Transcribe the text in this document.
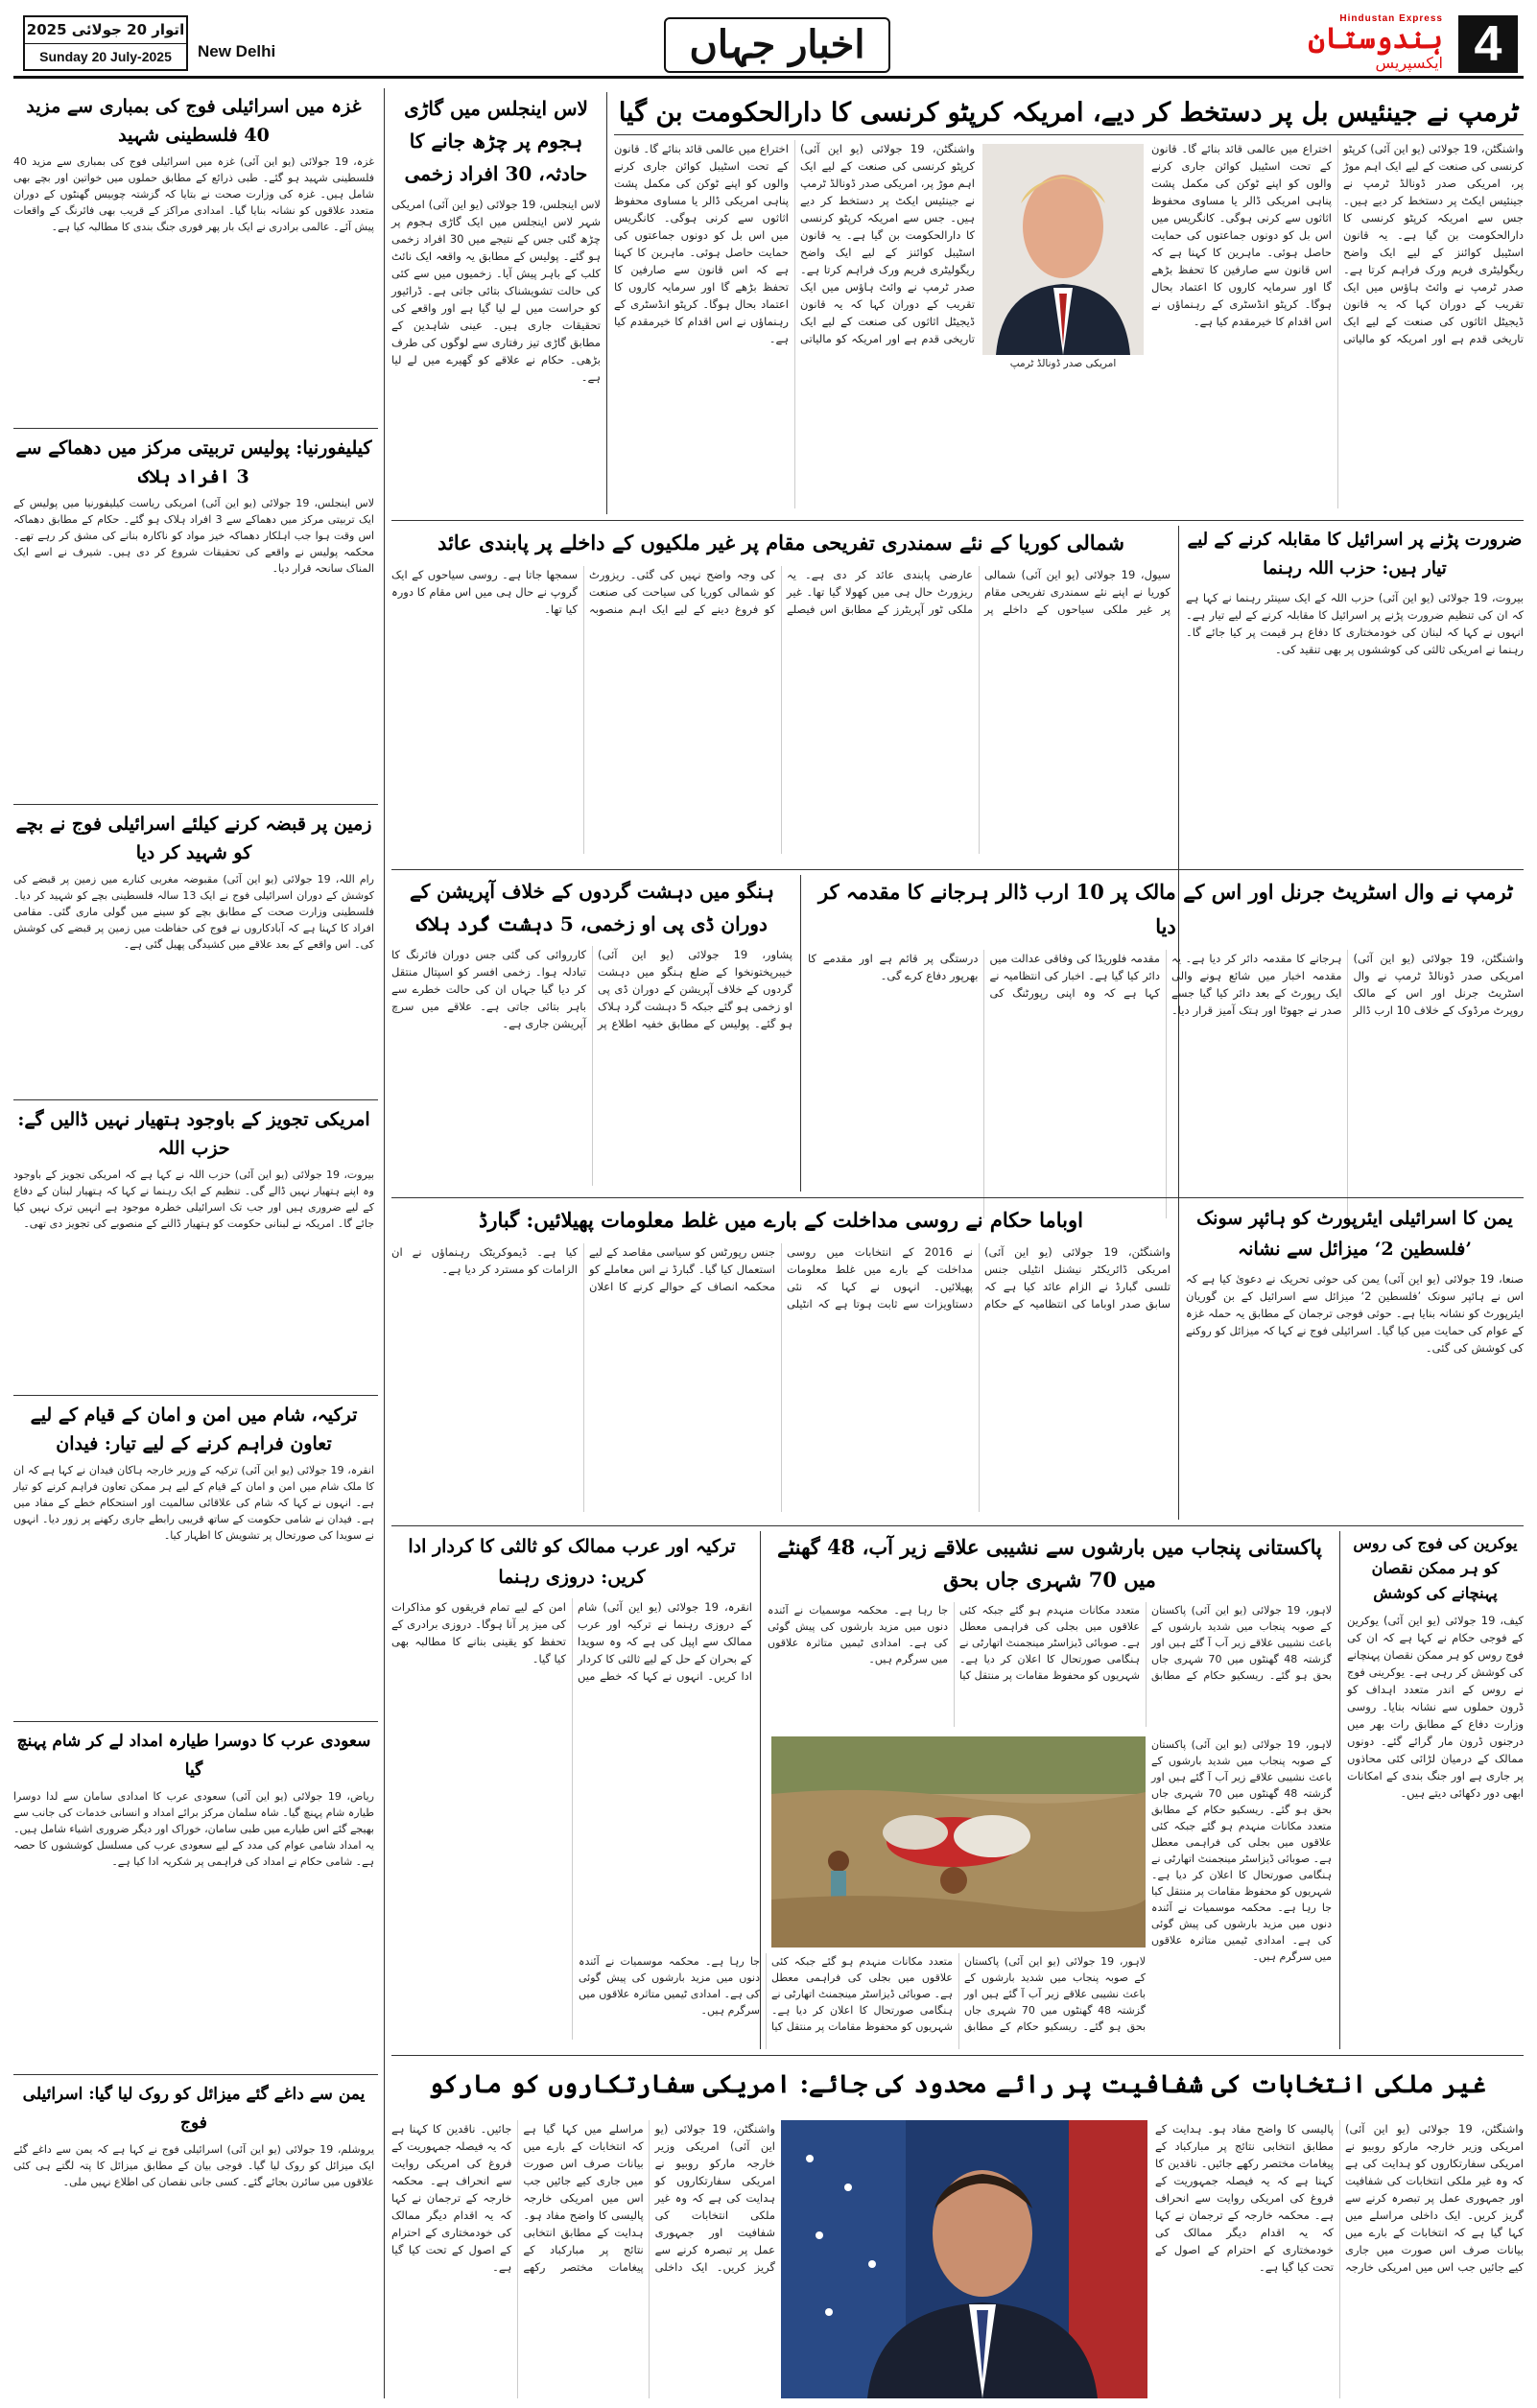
اتوار 20 جولائی 2025
Sunday 20 July-2025	New Delhi	اخبار جہاں
Hindustan Express
ہندوستان
ایکسپریس 4
غزہ میں اسرائیلی فوج کی بمباری سے مزید 40 فلسطینی شہید

غزہ، 19 جولائی (یو این آئی) غزہ میں اسرائیلی فوج کی بمباری سے مزید 40 فلسطینی شہید ہو گئے۔ طبی ذرائع کے مطابق حملوں میں خواتین اور بچے بھی شامل ہیں۔ غزہ کی وزارت صحت نے بتایا کہ گزشتہ چوبیس گھنٹوں کے دوران متعدد علاقوں کو نشانہ بنایا گیا۔ امدادی مراکز کے قریب بھی فائرنگ کے واقعات پیش آئے۔ عالمی برادری نے ایک بار پھر فوری جنگ بندی کا مطالبہ کیا ہے۔

کیلیفورنیا: پولیس تربیتی مرکز میں دھماکے سے 3 افراد ہلاک

لاس اینجلس، 19 جولائی (یو این آئی) امریکی ریاست کیلیفورنیا میں پولیس کے ایک تربیتی مرکز میں دھماکے سے 3 افراد ہلاک ہو گئے۔ حکام کے مطابق دھماکہ اس وقت ہوا جب اہلکار دھماکہ خیز مواد کو ناکارہ بنانے کی مشق کر رہے تھے۔ محکمہ پولیس نے واقعے کی تحقیقات شروع کر دی ہیں۔ شیرف نے اسے ایک المناک سانحہ قرار دیا۔

زمین پر قبضہ کرنے کیلئے اسرائیلی فوج نے بچے کو شہید کر دیا

رام اللہ، 19 جولائی (یو این آئی) مقبوضہ مغربی کنارے میں زمین پر قبضے کی کوشش کے دوران اسرائیلی فوج نے ایک 13 سالہ فلسطینی بچے کو شہید کر دیا۔ فلسطینی وزارت صحت کے مطابق بچے کو سینے میں گولی ماری گئی۔ مقامی افراد کا کہنا ہے کہ آبادکاروں نے فوج کی حفاظت میں زمین پر قبضے کی کوشش کی۔ اس واقعے کے بعد علاقے میں کشیدگی پھیل گئی ہے۔

امریکی تجویز کے باوجود ہتھیار نہیں ڈالیں گے: حزب اللہ

بیروت، 19 جولائی (یو این آئی) حزب اللہ نے کہا ہے کہ امریکی تجویز کے باوجود وہ اپنے ہتھیار نہیں ڈالے گی۔ تنظیم کے ایک رہنما نے کہا کہ ہتھیار لبنان کے دفاع کے لیے ضروری ہیں اور جب تک اسرائیلی خطرہ موجود ہے انہیں ترک نہیں کیا جائے گا۔ امریکہ نے لبنانی حکومت کو ہتھیار ڈالنے کے منصوبے کی تجویز دی تھی۔

ترکیہ، شام میں امن و امان کے قیام کے لیے تعاون فراہم کرنے کے لیے تیار: فیدان

انقرہ، 19 جولائی (یو این آئی) ترکیہ کے وزیر خارجہ ہاکان فیدان نے کہا ہے کہ ان کا ملک شام میں امن و امان کے قیام کے لیے ہر ممکن تعاون فراہم کرنے کو تیار ہے۔ انہوں نے کہا کہ شام کی علاقائی سالمیت اور استحکام خطے کے مفاد میں ہے۔ فیدان نے شامی حکومت کے ساتھ قریبی رابطے جاری رکھنے پر زور دیا۔ انہوں نے سویدا کی صورتحال پر تشویش کا اظہار کیا۔

سعودی عرب کا دوسرا طیارہ امداد لے کر شام پہنچ گیا

ریاض، 19 جولائی (یو این آئی) سعودی عرب کا امدادی سامان سے لدا دوسرا طیارہ شام پہنچ گیا۔ شاہ سلمان مرکز برائے امداد و انسانی خدمات کی جانب سے بھیجے گئے اس طیارے میں طبی سامان، خوراک اور دیگر ضروری اشیاء شامل ہیں۔ یہ امداد شامی عوام کی مدد کے لیے سعودی عرب کی مسلسل کوششوں کا حصہ ہے۔ شامی حکام نے امداد کی فراہمی پر شکریہ ادا کیا ہے۔

یمن سے داغے گئے میزائل کو روک لیا گیا: اسرائیلی فوج

یروشلم، 19 جولائی (یو این آئی) اسرائیلی فوج نے کہا ہے کہ یمن سے داغے گئے ایک میزائل کو روک لیا گیا۔ فوجی بیان کے مطابق میزائل کا پتہ لگتے ہی کئی علاقوں میں سائرن بجائے گئے۔ کسی جانی نقصان کی اطلاع نہیں ملی۔

لاس اینجلس میں گاڑی ہجوم پر چڑھ جانے کا حادثہ، 30 افراد زخمی

لاس اینجلس، 19 جولائی (یو این آئی) امریکی شہر لاس اینجلس میں ایک گاڑی ہجوم پر چڑھ گئی جس کے نتیجے میں 30 افراد زخمی ہو گئے۔ پولیس کے مطابق یہ واقعہ ایک نائٹ کلب کے باہر پیش آیا۔ زخمیوں میں سے کئی کی حالت تشویشناک بتائی جاتی ہے۔ ڈرائیور کو حراست میں لے لیا گیا ہے اور واقعے کی تحقیقات جاری ہیں۔ عینی شاہدین کے مطابق گاڑی تیز رفتاری سے لوگوں کی طرف بڑھی۔ حکام نے علاقے کو گھیرے میں لے لیا ہے۔

ٹرمپ نے جینئیس بل پر دستخط کر دیے، امریکہ کرپٹو کرنسی کا دارالحکومت بن گیا
واشنگٹن، 19 جولائی (یو این آئی) کرپٹو کرنسی کی صنعت کے لیے ایک اہم موڑ پر، امریکی صدر ڈونالڈ ٹرمپ نے جینئیس ایکٹ پر دستخط کر دیے ہیں۔ جس سے امریکہ کرپٹو کرنسی کا دارالحکومت بن گیا ہے۔ یہ قانون اسٹیبل کوائنز کے لیے ایک واضح ریگولیٹری فریم ورک فراہم کرتا ہے۔ صدر ٹرمپ نے وائٹ ہاؤس میں ایک تقریب کے دوران کہا کہ یہ قانون ڈیجیٹل اثاثوں کی صنعت کے لیے ایک تاریخی قدم ہے اور امریکہ کو مالیاتی اختراع میں عالمی قائد بنائے گا۔ قانون کے تحت اسٹیبل کوائن جاری کرنے والوں کو اپنے ٹوکن کی مکمل پشت پناہی امریکی ڈالر یا مساوی محفوظ اثاثوں سے کرنی ہوگی۔ کانگریس میں اس بل کو دونوں جماعتوں کی حمایت حاصل ہوئی۔ ماہرین کا کہنا ہے کہ اس قانون سے صارفین کا تحفظ بڑھے گا اور سرمایہ کاروں کا اعتماد بحال ہوگا۔ کرپٹو انڈسٹری کے رہنماؤں نے اس اقدام کا خیرمقدم کیا ہے۔
امریکی صدر ڈونالڈ ٹرمپ
واشنگٹن، 19 جولائی (یو این آئی) کرپٹو کرنسی کی صنعت کے لیے ایک اہم موڑ پر، امریکی صدر ڈونالڈ ٹرمپ نے جینئیس ایکٹ پر دستخط کر دیے ہیں۔ جس سے امریکہ کرپٹو کرنسی کا دارالحکومت بن گیا ہے۔ یہ قانون اسٹیبل کوائنز کے لیے ایک واضح ریگولیٹری فریم ورک فراہم کرتا ہے۔ صدر ٹرمپ نے وائٹ ہاؤس میں ایک تقریب کے دوران کہا کہ یہ قانون ڈیجیٹل اثاثوں کی صنعت کے لیے ایک تاریخی قدم ہے اور امریکہ کو مالیاتی اختراع میں عالمی قائد بنائے گا۔ قانون کے تحت اسٹیبل کوائن جاری کرنے والوں کو اپنے ٹوکن کی مکمل پشت پناہی امریکی ڈالر یا مساوی محفوظ اثاثوں سے کرنی ہوگی۔ کانگریس میں اس بل کو دونوں جماعتوں کی حمایت حاصل ہوئی۔ ماہرین کا کہنا ہے کہ اس قانون سے صارفین کا تحفظ بڑھے گا اور سرمایہ کاروں کا اعتماد بحال ہوگا۔ کرپٹو انڈسٹری کے رہنماؤں نے اس اقدام کا خیرمقدم کیا ہے۔
ضرورت پڑنے پر اسرائیل کا مقابلہ کرنے کے لیے تیار ہیں: حزب اللہ رہنما

بیروت، 19 جولائی (یو این آئی) حزب اللہ کے ایک سینئر رہنما نے کہا ہے کہ ان کی تنظیم ضرورت پڑنے پر اسرائیل کا مقابلہ کرنے کے لیے تیار ہے۔ انہوں نے کہا کہ لبنان کی خودمختاری کا دفاع ہر قیمت پر کیا جائے گا۔ رہنما نے امریکی ثالثی کی کوششوں پر بھی تنقید کی۔

شمالی کوریا کے نئے سمندری تفریحی مقام پر غیر ملکیوں کے داخلے پر پابندی عائد

سیول، 19 جولائی (یو این آئی) شمالی کوریا نے اپنے نئے سمندری تفریحی مقام پر غیر ملکی سیاحوں کے داخلے پر عارضی پابندی عائد کر دی ہے۔ یہ ریزورٹ حال ہی میں کھولا گیا تھا۔ غیر ملکی ٹور آپریٹرز کے مطابق اس فیصلے کی وجہ واضح نہیں کی گئی۔ ریزورٹ کو شمالی کوریا کی سیاحت کی صنعت کو فروغ دینے کے لیے ایک اہم منصوبہ سمجھا جاتا ہے۔ روسی سیاحوں کے ایک گروپ نے حال ہی میں اس مقام کا دورہ کیا تھا۔

ٹرمپ نے وال اسٹریٹ جرنل اور اس کے مالک پر 10 ارب ڈالر ہرجانے کا مقدمہ کر دیا

واشنگٹن، 19 جولائی (یو این آئی) امریکی صدر ڈونالڈ ٹرمپ نے وال اسٹریٹ جرنل اور اس کے مالک روپرٹ مرڈوک کے خلاف 10 ارب ڈالر ہرجانے کا مقدمہ دائر کر دیا ہے۔ یہ مقدمہ اخبار میں شائع ہونے والی ایک رپورٹ کے بعد دائر کیا گیا جسے صدر نے جھوٹا اور ہتک آمیز قرار دیا۔ مقدمہ فلوریڈا کی وفاقی عدالت میں دائر کیا گیا ہے۔ اخبار کی انتظامیہ نے کہا ہے کہ وہ اپنی رپورٹنگ کی درستگی پر قائم ہے اور مقدمے کا بھرپور دفاع کرے گی۔

ہنگو میں دہشت گردوں کے خلاف آپریشن کے دوران ڈی پی او زخمی، 5 دہشت گرد ہلاک

پشاور، 19 جولائی (یو این آئی) خیبرپختونخوا کے ضلع ہنگو میں دہشت گردوں کے خلاف آپریشن کے دوران ڈی پی او زخمی ہو گئے جبکہ 5 دہشت گرد ہلاک ہو گئے۔ پولیس کے مطابق خفیہ اطلاع پر کارروائی کی گئی جس دوران فائرنگ کا تبادلہ ہوا۔ زخمی افسر کو اسپتال منتقل کر دیا گیا جہاں ان کی حالت خطرے سے باہر بتائی جاتی ہے۔ علاقے میں سرچ آپریشن جاری ہے۔

یمن کا اسرائیلی ایئرپورٹ کو ہائپر سونک ’فلسطین 2‘ میزائل سے نشانہ

صنعا، 19 جولائی (یو این آئی) یمن کی حوثی تحریک نے دعویٰ کیا ہے کہ اس نے ہائپر سونک ’فلسطین 2‘ میزائل سے اسرائیل کے بن گوریان ایئرپورٹ کو نشانہ بنایا ہے۔ حوثی فوجی ترجمان کے مطابق یہ حملہ غزہ کے عوام کی حمایت میں کیا گیا۔ اسرائیلی فوج نے کہا کہ میزائل کو روکنے کی کوشش کی گئی۔

اوباما حکام نے روسی مداخلت کے بارے میں غلط معلومات پھیلائیں: گبارڈ

واشنگٹن، 19 جولائی (یو این آئی) امریکی ڈائریکٹر نیشنل انٹیلی جنس تلسی گبارڈ نے الزام عائد کیا ہے کہ سابق صدر اوباما کی انتظامیہ کے حکام نے 2016 کے انتخابات میں روسی مداخلت کے بارے میں غلط معلومات پھیلائیں۔ انہوں نے کہا کہ نئی دستاویزات سے ثابت ہوتا ہے کہ انٹیلی جنس رپورٹس کو سیاسی مقاصد کے لیے استعمال کیا گیا۔ گبارڈ نے اس معاملے کو محکمہ انصاف کے حوالے کرنے کا اعلان کیا ہے۔ ڈیموکریٹک رہنماؤں نے ان الزامات کو مسترد کر دیا ہے۔

یوکرین کی فوج کی روس کو ہر ممکن نقصان پہنچانے کی کوشش

کیف، 19 جولائی (یو این آئی) یوکرین کے فوجی حکام نے کہا ہے کہ ان کی فوج روس کو ہر ممکن نقصان پہنچانے کی کوشش کر رہی ہے۔ یوکرینی فوج نے روس کے اندر متعدد اہداف کو ڈرون حملوں سے نشانہ بنایا۔ روسی وزارت دفاع کے مطابق رات بھر میں درجنوں ڈرون مار گرائے گئے۔ دونوں ممالک کے درمیان لڑائی کئی محاذوں پر جاری ہے اور جنگ بندی کے امکانات ابھی دور دکھائی دیتے ہیں۔

پاکستانی پنجاب میں بارشوں سے نشیبی علاقے زیر آب، 48 گھنٹے میں 70 شہری جاں بحق

لاہور، 19 جولائی (یو این آئی) پاکستان کے صوبہ پنجاب میں شدید بارشوں کے باعث نشیبی علاقے زیر آب آ گئے ہیں اور گزشتہ 48 گھنٹوں میں 70 شہری جاں بحق ہو گئے۔ ریسکیو حکام کے مطابق متعدد مکانات منہدم ہو گئے جبکہ کئی علاقوں میں بجلی کی فراہمی معطل ہے۔ صوبائی ڈیزاسٹر مینجمنٹ اتھارٹی نے ہنگامی صورتحال کا اعلان کر دیا ہے۔ شہریوں کو محفوظ مقامات پر منتقل کیا جا رہا ہے۔ محکمہ موسمیات نے آئندہ دنوں میں مزید بارشوں کی پیش گوئی کی ہے۔ امدادی ٹیمیں متاثرہ علاقوں میں سرگرم ہیں۔

لاہور، 19 جولائی (یو این آئی) پاکستان کے صوبہ پنجاب میں شدید بارشوں کے باعث نشیبی علاقے زیر آب آ گئے ہیں اور گزشتہ 48 گھنٹوں میں 70 شہری جاں بحق ہو گئے۔ ریسکیو حکام کے مطابق متعدد مکانات منہدم ہو گئے جبکہ کئی علاقوں میں بجلی کی فراہمی معطل ہے۔ صوبائی ڈیزاسٹر مینجمنٹ اتھارٹی نے ہنگامی صورتحال کا اعلان کر دیا ہے۔ شہریوں کو محفوظ مقامات پر منتقل کیا جا رہا ہے۔ محکمہ موسمیات نے آئندہ دنوں میں مزید بارشوں کی پیش گوئی کی ہے۔ امدادی ٹیمیں متاثرہ علاقوں میں سرگرم ہیں۔
لاہور، 19 جولائی (یو این آئی) پاکستان کے صوبہ پنجاب میں شدید بارشوں کے باعث نشیبی علاقے زیر آب آ گئے ہیں اور گزشتہ 48 گھنٹوں میں 70 شہری جاں بحق ہو گئے۔ ریسکیو حکام کے مطابق متعدد مکانات منہدم ہو گئے جبکہ کئی علاقوں میں بجلی کی فراہمی معطل ہے۔ صوبائی ڈیزاسٹر مینجمنٹ اتھارٹی نے ہنگامی صورتحال کا اعلان کر دیا ہے۔ شہریوں کو محفوظ مقامات پر منتقل کیا جا رہا ہے۔ محکمہ موسمیات نے آئندہ دنوں میں مزید بارشوں کی پیش گوئی کی ہے۔ امدادی ٹیمیں متاثرہ علاقوں میں سرگرم ہیں۔
ترکیہ اور عرب ممالک کو ثالثی کا کردار ادا کریں: دروزی رہنما

انقرہ، 19 جولائی (یو این آئی) شام کے دروزی رہنما نے ترکیہ اور عرب ممالک سے اپیل کی ہے کہ وہ سویدا کے بحران کے حل کے لیے ثالثی کا کردار ادا کریں۔ انہوں نے کہا کہ خطے میں امن کے لیے تمام فریقوں کو مذاکرات کی میز پر آنا ہوگا۔ دروزی برادری کے تحفظ کو یقینی بنانے کا مطالبہ بھی کیا گیا۔

غیر ملکی انتخابات کی شفافیت پر رائے محدود کی جائے: امریکی سفارتکاروں کو مارکو
واشنگٹن، 19 جولائی (یو این آئی) امریکی وزیر خارجہ مارکو روبیو نے امریکی سفارتکاروں کو ہدایت کی ہے کہ وہ غیر ملکی انتخابات کی شفافیت اور جمہوری عمل پر تبصرہ کرنے سے گریز کریں۔ ایک داخلی مراسلے میں کہا گیا ہے کہ انتخابات کے بارے میں بیانات صرف اس صورت میں جاری کیے جائیں جب اس میں امریکی خارجہ پالیسی کا واضح مفاد ہو۔ ہدایت کے مطابق انتخابی نتائج پر مبارکباد کے پیغامات مختصر رکھے جائیں۔ ناقدین کا کہنا ہے کہ یہ فیصلہ جمہوریت کے فروغ کی امریکی روایت سے انحراف ہے۔ محکمہ خارجہ کے ترجمان نے کہا کہ یہ اقدام دیگر ممالک کی خودمختاری کے احترام کے اصول کے تحت کیا گیا ہے۔
واشنگٹن، 19 جولائی (یو این آئی) امریکی وزیر خارجہ مارکو روبیو نے امریکی سفارتکاروں کو ہدایت کی ہے کہ وہ غیر ملکی انتخابات کی شفافیت اور جمہوری عمل پر تبصرہ کرنے سے گریز کریں۔ ایک داخلی مراسلے میں کہا گیا ہے کہ انتخابات کے بارے میں بیانات صرف اس صورت میں جاری کیے جائیں جب اس میں امریکی خارجہ پالیسی کا واضح مفاد ہو۔ ہدایت کے مطابق انتخابی نتائج پر مبارکباد کے پیغامات مختصر رکھے جائیں۔ ناقدین کا کہنا ہے کہ یہ فیصلہ جمہوریت کے فروغ کی امریکی روایت سے انحراف ہے۔ محکمہ خارجہ کے ترجمان نے کہا کہ یہ اقدام دیگر ممالک کی خودمختاری کے احترام کے اصول کے تحت کیا گیا ہے۔
